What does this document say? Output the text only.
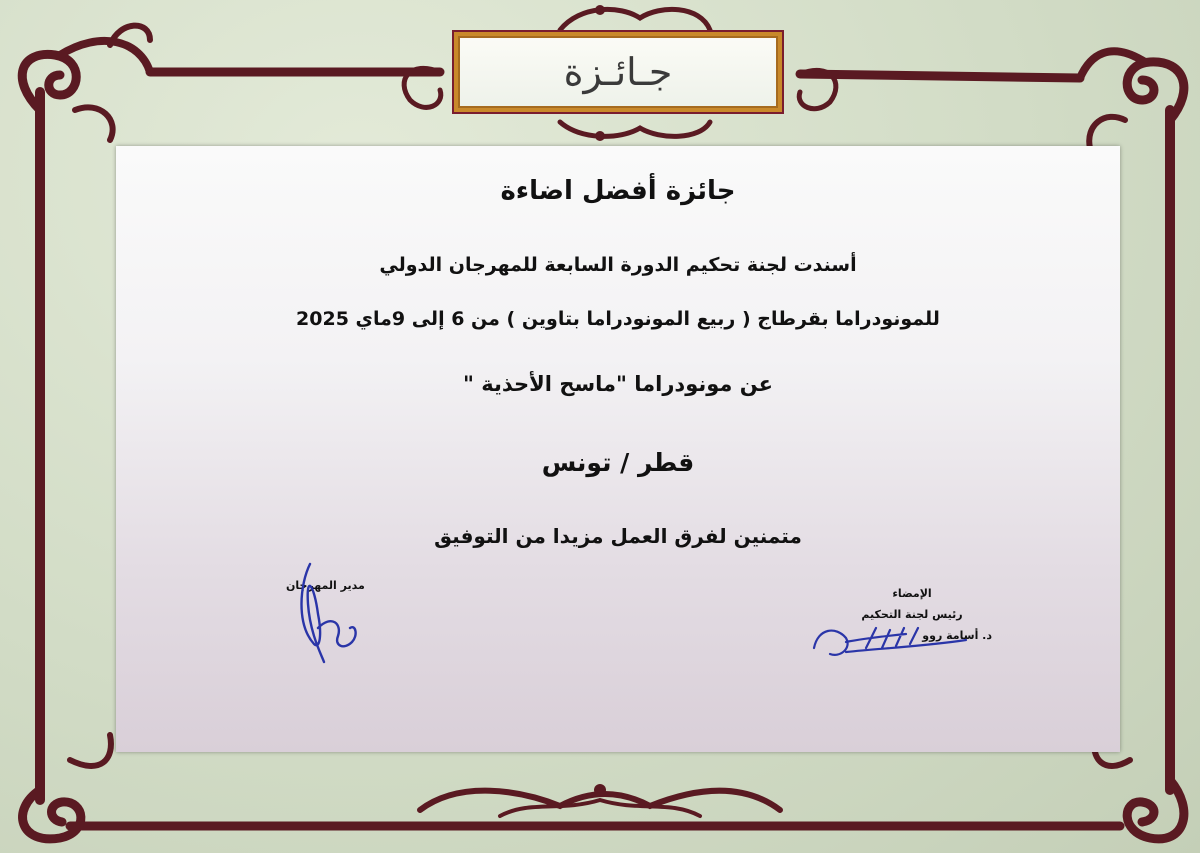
جـائـزة
جائزة أفضل اضاءة
أسندت لجنة تحكيم الدورة السابعة للمهرجان الدولي
للمونودراما بقرطاج ( ربيع المونودراما بتاوين ) من 6 إلى 9ماي 2025
عن مونودراما "ماسح الأحذية "
قطر / تونس
متمنين لفرق العمل مزيدا من التوفيق
مدير المهرجان
الإمضاء
رئيس لجنة التحكيم
د. أسامة روو
